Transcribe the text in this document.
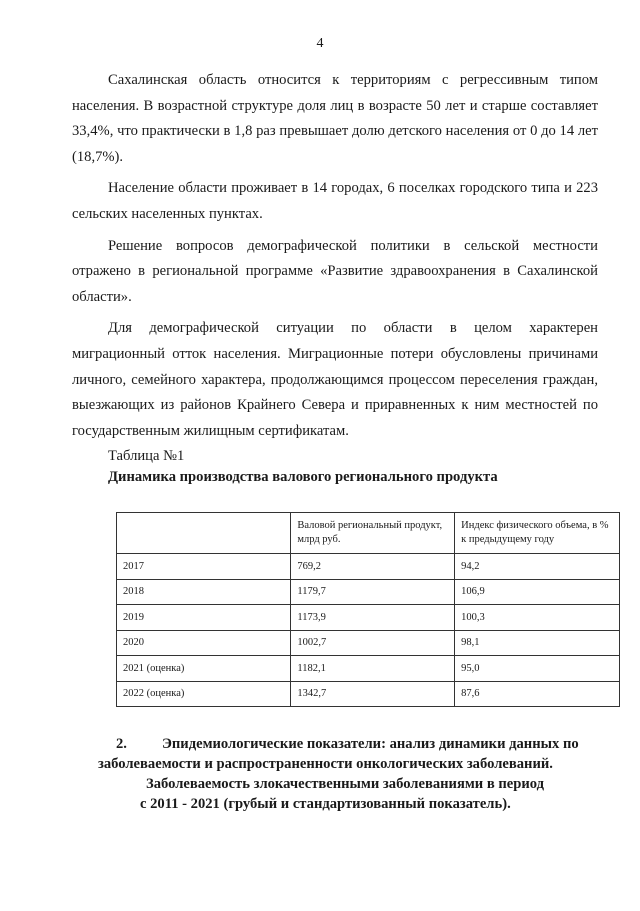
4

Сахалинская область относится к территориям с регрессивным типом населения. В возрастной структуре доля лиц в возрасте 50 лет и старше составляет 33,4%, что практически в 1,8 раз превышает долю детского населения от 0 до 14 лет (18,7%).

Население области проживает в 14 городах, 6 поселках городского типа и 223 сельских населенных пунктах.

Решение вопросов демографической политики в сельской местности отражено в региональной программе «Развитие здравоохранения в Сахалинской области».

Для демографической ситуации по области в целом характерен миграционный отток населения. Миграционные потери обусловлены причинами личного, семейного характера, продолжающимся процессом переселения граждан, выезжающих из районов Крайнего Севера и приравненных к ним местностей по государственным жилищным сертификатам.

Таблица №1
Динамика производства валового регионального продукта
	Валовой региональный продукт, млрд руб.	Индекс физического объема, в % к предыдущему году
2017	769,2	94,2
2018	1179,7	106,9
2019	1173,9	100,3
2020	1002,7	98,1
2021 (оценка)	1182,1	95,0
2022 (оценка)	1342,7	87,6
2. Эпидемиологические показатели: анализ динамики данных по
заболеваемости и распространенности онкологических заболеваний.
Заболеваемость злокачественными заболеваниями в период
с 2011 - 2021 (грубый и стандартизованный показатель).
